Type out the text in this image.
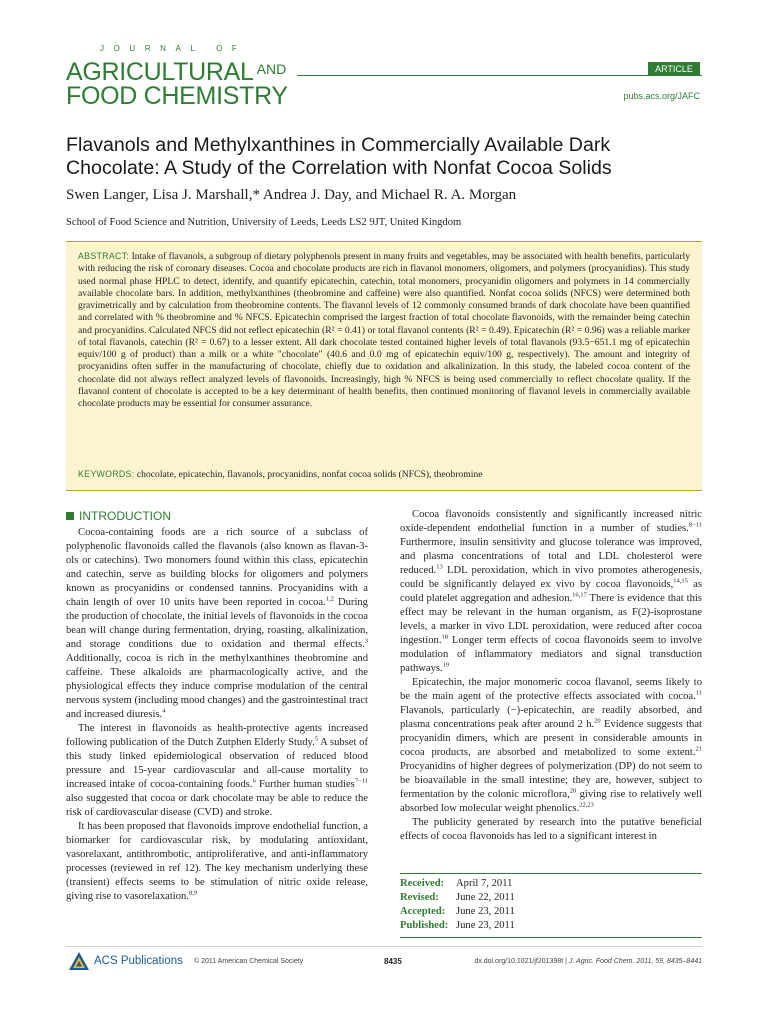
JOURNAL OF
AGRICULTURAL $^{AND}$
FOOD CHEMISTRY
ARTICLE
pubs.acs.org/JAFC
Flavanols and Methylxanthines in Commercially Available Dark Chocolate: A Study of the Correlation with Nonfat Cocoa Solids
Swen Langer, Lisa J. Marshall,* Andrea J. Day, and Michael R. A. Morgan
School of Food Science and Nutrition, University of Leeds, Leeds LS2 9JT, United Kingdom
ABSTRACT: Intake of flavanols, a subgroup of dietary polyphenols present in many fruits and vegetables, may be associated with health benefits, particularly with reducing the risk of coronary diseases. Cocoa and chocolate products are rich in flavanol monomers, oligomers, and polymers (procyanidins). This study used normal phase HPLC to detect, identify, and quantify epicatechin, catechin, total monomers, procyanidin oligomers and polymers in 14 commercially available chocolate bars. In addition, methylxanthines (theobromine and caffeine) were also quantified. Nonfat cocoa solids (NFCS) were determined both gravimetrically and by calculation from theobromine contents. The flavanol levels of 12 commonly consumed brands of dark chocolate have been quantified and correlated with % theobromine and % NFCS. Epicatechin comprised the largest fraction of total chocolate flavonoids, with the remainder being catechin and procyanidins. Calculated NFCS did not reflect epicatechin (R² = 0.41) or total flavanol contents (R² = 0.49). Epicatechin (R² = 0.96) was a reliable marker of total flavanols, catechin (R² = 0.67) to a lesser extent. All dark chocolate tested contained higher levels of total flavanols (93.5−651.1 mg of epicatechin equiv/100 g of product) than a milk or a white "chocolate" (40.6 and 0.0 mg of epicatechin equiv/100 g, respectively). The amount and integrity of procyanidins often suffer in the manufacturing of chocolate, chiefly due to oxidation and alkalinization. In this study, the labeled cocoa content of the chocolate did not always reflect analyzed levels of flavonoids. Increasingly, high % NFCS is being used commercially to reflect chocolate quality. If the flavanol content of chocolate is accepted to be a key determinant of health benefits, then continued monitoring of flavanol levels in commercially available chocolate products may be essential for consumer assurance.
KEYWORDS: chocolate, epicatechin, flavanols, procyanidins, nonfat cocoa solids (NFCS), theobromine
INTRODUCTION

Cocoa-containing foods are a rich source of a subclass of polyphenolic flavonoids called the flavanols (also known as flavan-3-ols or catechins). Two monomers found within this class, epicatechin and catechin, serve as building blocks for oligomers and polymers known as procyanidins or condensed tannins. Procyanidins with a chain length of over 10 units have been reported in cocoa.$^{1,2}$ During the production of chocolate, the initial levels of flavonoids in the cocoa bean will change during fermentation, drying, roasting, alkalinization, and storage conditions due to oxidation and thermal effects.$^3$ Additionally, cocoa is rich in the methylxanthines theobromine and caffeine. These alkaloids are pharmacologically active, and the physiological effects they induce comprise modulation of the central nervous system (including mood changes) and the gastrointestinal tract and increased diuresis.$^4$

The interest in flavonoids as health-protective agents increased following publication of the Dutch Zutphen Elderly Study.$^5$ A subset of this study linked epidemiological observation of reduced blood pressure and 15-year cardiovascular and all-cause mortality to increased intake of cocoa-containing foods.$^6$ Further human studies$^{7-11}$ also suggested that cocoa or dark chocolate may be able to reduce the risk of cardiovascular disease (CVD) and stroke.

It has been proposed that flavonoids improve endothelial function, a biomarker for cardiovascular risk, by modulating antioxidant, vasorelaxant, antithrombotic, antiproliferative, and anti-inflammatory processes (reviewed in ref 12). The key mechanism underlying these (transient) effects seems to be stimulation of nitric oxide release, giving rise to vasorelaxation.$^{8,9}$

Cocoa flavonoids consistently and significantly increased nitric oxide-dependent endothelial function in a number of studies.$^{8-11}$ Furthermore, insulin sensitivity and glucose tolerance was improved, and plasma concentrations of total and LDL cholesterol were reduced.$^{13}$ LDL peroxidation, which in vivo promotes atherogenesis, could be significantly delayed ex vivo by cocoa flavonoids,$^{14,15}$ as could platelet aggregation and adhesion.$^{16,17}$ There is evidence that this effect may be relevant in the human organism, as F(2)-isoprostane levels, a marker in vivo LDL peroxidation, were reduced after cocoa ingestion.$^{18}$ Longer term effects of cocoa flavonoids seem to involve modulation of inflammatory mediators and signal transduction pathways.$^{19}$

Epicatechin, the major monomeric cocoa flavanol, seems likely to be the main agent of the protective effects associated with cocoa.$^{11}$ Flavanols, particularly (−)-epicatechin, are readily absorbed, and plasma concentrations peak after around 2 h.$^{20}$ Evidence suggests that procyanidin dimers, which are present in considerable amounts in cocoa products, are absorbed and metabolized to some extent.$^{21}$ Procyanidins of higher degrees of polymerization (DP) do not seem to be bioavailable in the small intestine; they are, however, subject to fermentation by the colonic microflora,$^{20}$ giving rise to relatively well absorbed low molecular weight phenolics.$^{22,23}$

The publicity generated by research into the putative beneficial effects of cocoa flavonoids has led to a significant interest in

Received: April 7, 2011
Revised: June 22, 2011
Accepted: June 23, 2011
Published: June 23, 2011
ACS Publications © 2011 American Chemical Society	8435	dx.doi.org/10.1021/jf201398t | J. Agric. Food Chem. 2011, 59, 8435–8441
